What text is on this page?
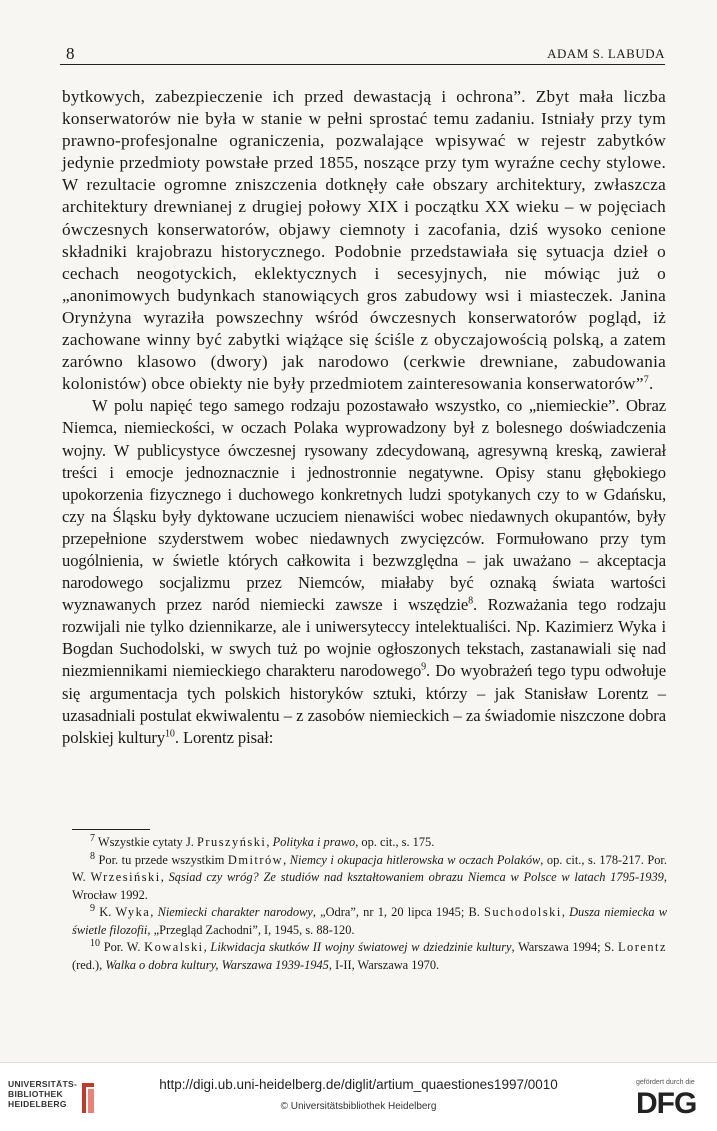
8	ADAM S. LABUDA

bytkowych, zabezpieczenie ich przed dewastacją i ochrona”. Zbyt mała liczba konserwatorów nie była w stanie w pełni sprostać temu zadaniu. Istniały przy tym prawno-profesjonalne ograniczenia, pozwalające wpisywać w rejestr zabytków jedynie przedmioty powstałe przed 1855, noszące przy tym wyraźne cechy stylowe. W rezultacie ogromne zniszczenia dotknęły całe obszary architektury, zwłaszcza architektury drewnianej z drugiej połowy XIX i początku XX wieku – w pojęciach ówczesnych konserwatorów, objawy ciemnoty i zacofania, dziś wysoko cenione składniki krajobrazu historycznego. Podobnie przedstawiała się sytuacja dzieł o cechach neogotyckich, eklektycznych i secesyjnych, nie mówiąc już o „anonimowych budynkach stanowiących gros zabudowy wsi i miasteczek. Janina Orynżyna wyraziła powszechny wśród ówczesnych konserwatorów pogląd, iż zachowane winny być zabytki wiążące się ściśle z obyczajowością polską, a zatem zarówno klasowo (dwory) jak narodowo (cerkwie drewniane, zabudowania kolonistów) obce obiekty nie były przedmiotem zainteresowania konserwatorów”$^7$.

W polu napięć tego samego rodzaju pozostawało wszystko, co „niemieckie”. Obraz Niemca, niemieckości, w oczach Polaka wyprowadzony był z bolesnego doświadczenia wojny. W publicystyce ówczesnej rysowany zdecydowaną, agresywną kreską, zawierał treści i emocje jednoznacznie i jednostronnie negatywne. Opisy stanu głębokiego upokorzenia fizycznego i duchowego konkretnych ludzi spotykanych czy to w Gdańsku, czy na Śląsku były dyktowane uczuciem nienawiści wobec niedawnych okupantów, były przepełnione szyderstwem wobec niedawnych zwycięzców. Formułowano przy tym uogólnienia, w świetle których całkowita i bezwzględna – jak uważano – akceptacja narodowego socjalizmu przez Niemców, miałaby być oznaką świata wartości wyznawanych przez naród niemiecki zawsze i wszędzie$^8$. Rozważania tego rodzaju rozwijali nie tylko dziennikarze, ale i uniwersyteccy intelektualiści. Np. Kazimierz Wyka i Bogdan Suchodolski, w swych tuż po wojnie ogłoszonych tekstach, zastanawiali się nad niezmiennikami niemieckiego charakteru narodowego$^9$. Do wyobrażeń tego typu odwołuje się argumentacja tych polskich historyków sztuki, którzy – jak Stanisław Lorentz – uzasadniali postulat ekwiwalentu – z zasobów niemieckich – za świadomie niszczone dobra polskiej kultury$^{10}$. Lorentz pisał:

$^7$ Wszystkie cytaty J. Pruszyński, Polityka i prawo, op. cit., s. 175.

$^8$ Por. tu przede wszystkim Dmitrów, Niemcy i okupacja hitlerowska w oczach Polaków, op. cit., s. 178-217. Por. W. Wrzesiński, Sąsiad czy wróg? Ze studiów nad kształtowaniem obrazu Niemca w Polsce w latach 1795-1939, Wrocław 1992.

$^9$ K. Wyka, Niemiecki charakter narodowy, „Odra”, nr 1, 20 lipca 1945; B. Suchodolski, Dusza niemiecka w świetle filozofii, „Przegląd Zachodni”, I, 1945, s. 88-120.

$^{10}$ Por. W. Kowalski, Likwidacja skutków II wojny światowej w dziedzinie kultury, Warszawa 1994; S. Lorentz (red.), Walka o dobra kultury, Warszawa 1939-1945, I-II, Warszawa 1970.

UNIVERSITÄTS-
BIBLIOTHEK
HEIDELBERG
http://digi.ub.uni-heidelberg.de/diglit/artium_quaestiones1997/0010
© Universitätsbibliothek Heidelberg
gefördert durch die
DFG
